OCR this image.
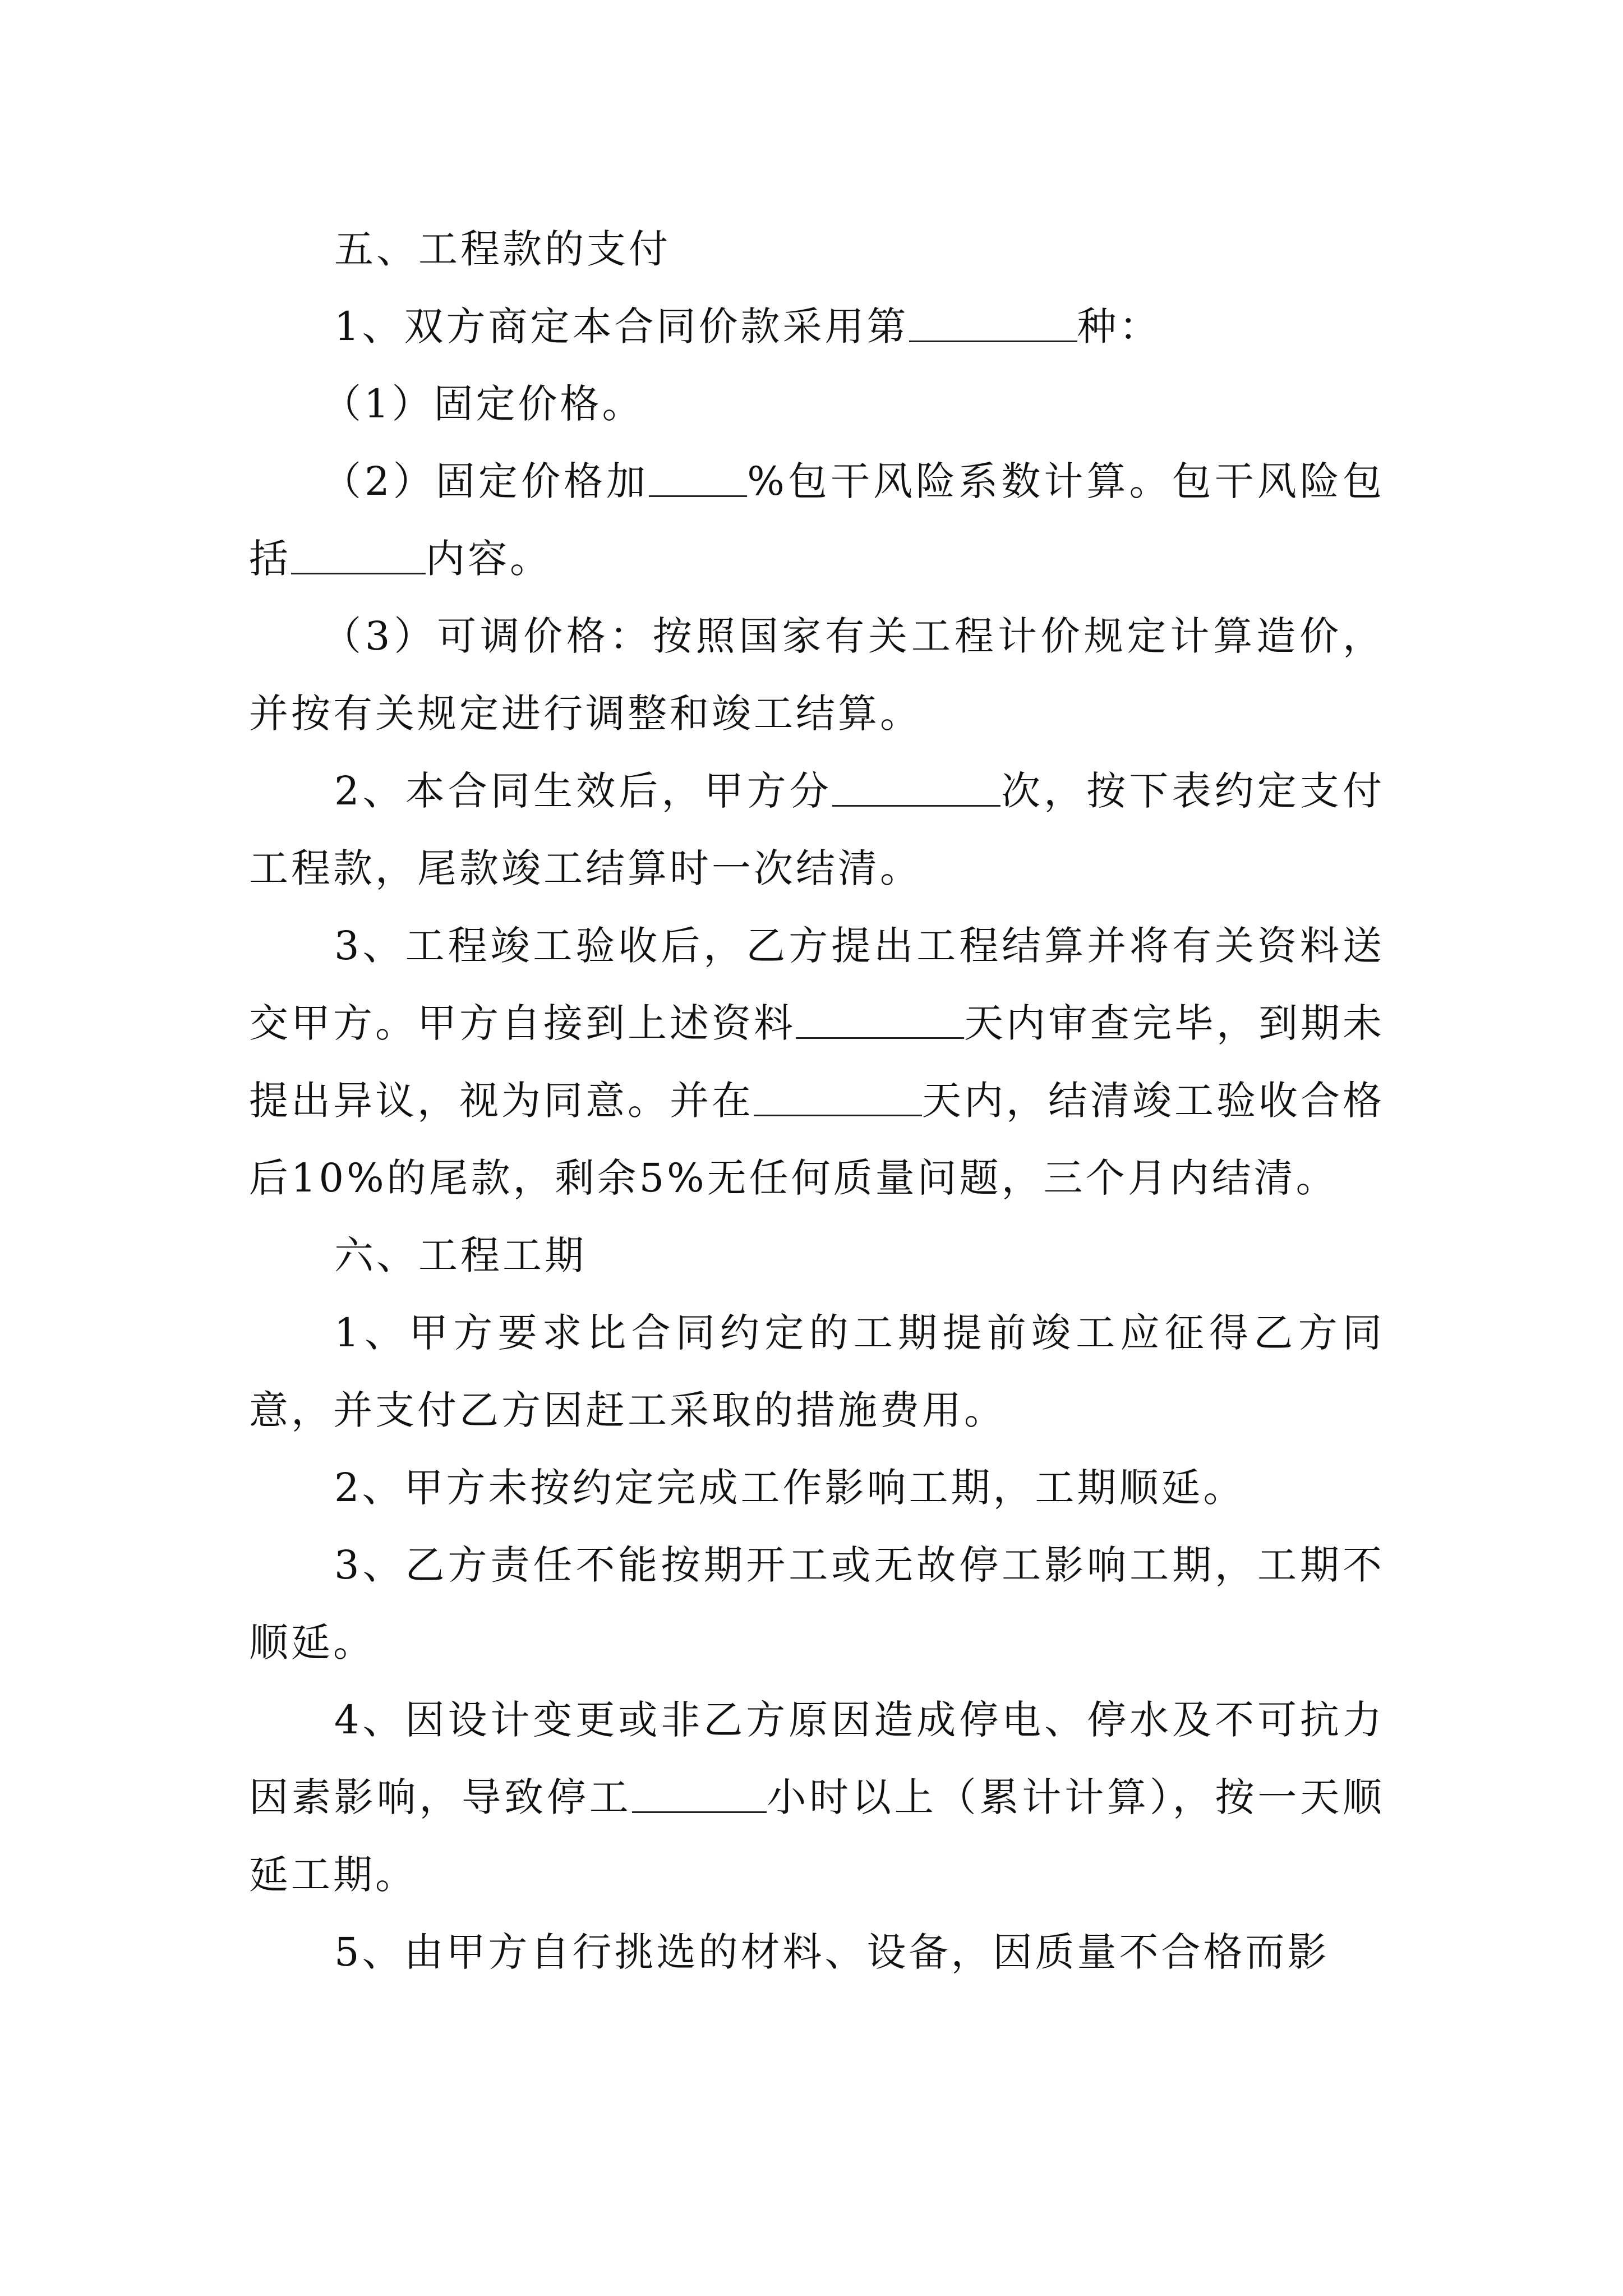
五、工程款的支付

1、双方商定本合同价款采用第	种：

（1）固定价格。

（2）固定价格加	%包干风险系数计算。包干风险包括	内容。

（3）可调价格：按照国家有关工程计价规定计算造价，并按有关规定进行调整和竣工结算。

2、本合同生效后，甲方分	次，按下表约定支付工程款，尾款竣工结算时一次结清。

3、工程竣工验收后，乙方提出工程结算并将有关资料送交甲方。甲方自接到上述资料	天内审查完毕，到期未提出异议，视为同意。并在	天内，结清竣工验收合格后10%的尾款，剩余5%无任何质量问题，三个月内结清。

六、工程工期

1、甲方要求比合同约定的工期提前竣工应征得乙方同意，并支付乙方因赶工采取的措施费用。

2、甲方未按约定完成工作影响工期，工期顺延。

3、乙方责任不能按期开工或无故停工影响工期，工期不顺延。

4、因设计变更或非乙方原因造成停电、停水及不可抗力因素影响，导致停工	小时以上（累计计算），按一天顺延工期。

5、由甲方自行挑选的材料、设备，因质量不合格而影
